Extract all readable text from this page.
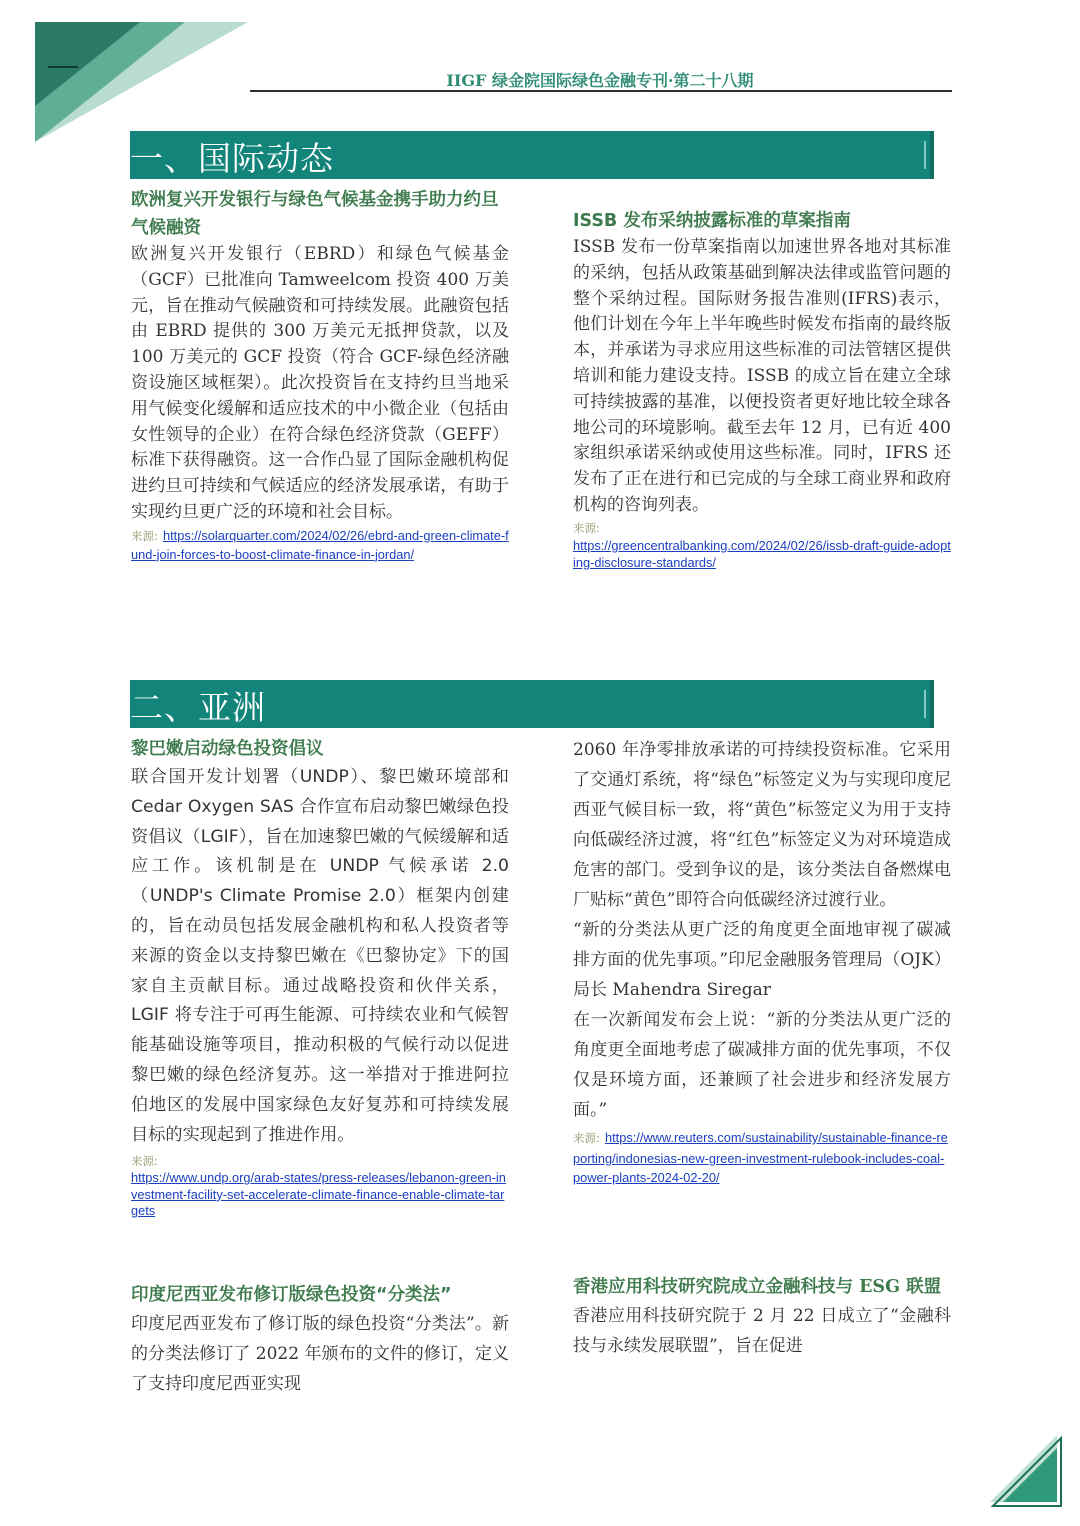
IIGF 绿金院国际绿色金融专刊·第二十八期
一、国际动态

欧洲复兴开发银行与绿色气候基金携手助力约旦气候融资

欧洲复兴开发银行（EBRD）和绿色气候基金（GCF）已批准向 Tamweelcom 投资 400 万美元，旨在推动气候融资和可持续发展。此融资包括由 EBRD 提供的 300 万美元无抵押贷款，以及 100 万美元的 GCF 投资（符合 GCF-绿色经济融资设施区域框架）。此次投资旨在支持约旦当地采用气候变化缓解和适应技术的中小微企业（包括由女性领导的企业）在符合绿色经济贷款（GEFF）标准下获得融资。这一合作凸显了国际金融机构促进约旦可持续和气候适应的经济发展承诺，有助于实现约旦更广泛的环境和社会目标。

来源: https://solarquarter.com/2024/02/26/ebrd-and-green-climate-fund-join-forces-to-boost-climate-finance-in-jordan/

ISSB 发布采纳披露标准的草案指南

ISSB 发布一份草案指南以加速世界各地对其标准的采纳，包括从政策基础到解决法律或监管问题的整个采纳过程。国际财务报告准则(IFRS)表示，他们计划在今年上半年晚些时候发布指南的最终版本，并承诺为寻求应用这些标准的司法管辖区提供培训和能力建设支持。ISSB 的成立旨在建立全球可持续披露的基准，以便投资者更好地比较全球各地公司的环境影响。截至去年 12 月，已有近 400 家组织承诺采纳或使用这些标准。同时，IFRS 还发布了正在进行和已完成的与全球工商业界和政府机构的咨询列表。

来源:
https://greencentralbanking.com/2024/02/26/issb-draft-guide-adopting-disclosure-standards/
二、亚洲

黎巴嫩启动绿色投资倡议

联合国开发计划署（UNDP）、黎巴嫩环境部和 Cedar Oxygen SAS 合作宣布启动黎巴嫩绿色投资倡议（LGIF），旨在加速黎巴嫩的气候缓解和适应工作。该机制是在 UNDP 气候承诺 2.0（UNDP's Climate Promise 2.0）框架内创建的，旨在动员包括发展金融机构和私人投资者等来源的资金以支持黎巴嫩在《巴黎协定》下的国家自主贡献目标。通过战略投资和伙伴关系，LGIF 将专注于可再生能源、可持续农业和气候智能基础设施等项目，推动积极的气候行动以促进黎巴嫩的绿色经济复苏。这一举措对于推进阿拉伯地区的发展中国家绿色友好复苏和可持续发展目标的实现起到了推进作用。

来源:
https://www.undp.org/arab-states/press-releases/lebanon-green-investment-facility-set-accelerate-climate-finance-enable-climate-targets

印度尼西亚发布修订版绿色投资“分类法”

印度尼西亚发布了修订版的绿色投资“分类法”。新的分类法修订了 2022 年颁布的文件的修订，定义了支持印度尼西亚实现

2060 年净零排放承诺的可持续投资标准。它采用了交通灯系统，将“绿色”标签定义为与实现印度尼西亚气候目标一致，将“黄色”标签定义为用于支持向低碳经济过渡，将“红色”标签定义为对环境造成危害的部门。受到争议的是，该分类法自备燃煤电厂贴标“黄色”即符合向低碳经济过渡行业。

“新的分类法从更广泛的角度更全面地审视了碳减排方面的优先事项。”印尼金融服务管理局（OJK）局长 Mahendra Siregar

在一次新闻发布会上说：“新的分类法从更广泛的角度更全面地考虑了碳减排方面的优先事项，不仅仅是环境方面，还兼顾了社会进步和经济发展方面。”

来源: https://www.reuters.com/sustainability/sustainable-finance-reporting/indonesias-new-green-investment-rulebook-includes-coal-power-plants-2024-02-20/

香港应用科技研究院成立金融科技与 ESG 联盟

香港应用科技研究院于 2 月 22 日成立了“金融科技与永续发展联盟”，旨在促进
